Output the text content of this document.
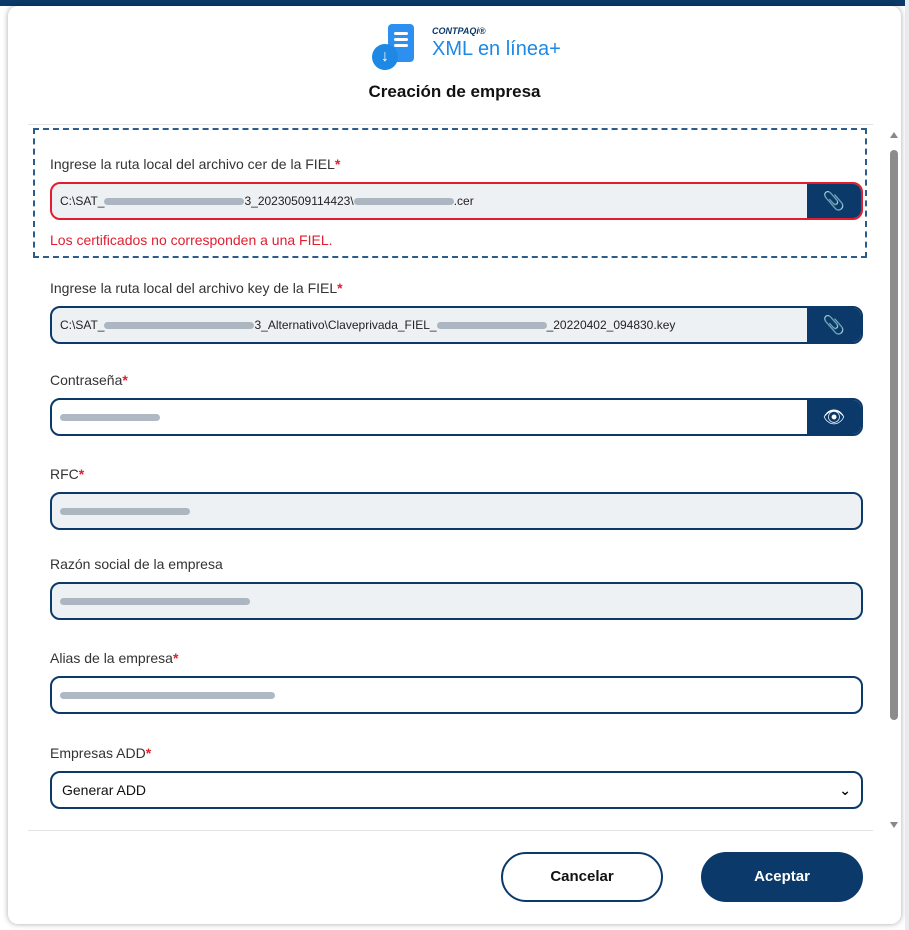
↓
CONTPAQi®
XML en línea+
Creación de empresa
Ingrese la ruta local del archivo cer de la FIEL*
C:\SAT_	3_20230509114423\	.cer	📎
Los certificados no corresponden a una FIEL.
Ingrese la ruta local del archivo key de la FIEL*
C:\SAT_	3_Alternativo\Claveprivada_FIEL_	_20220402_094830.key	📎
Contraseña*
👁
RFC*
Razón social de la empresa
Alias de la empresa*
Empresas ADD*
Generar ADD	⌄
Cancelar	Aceptar
